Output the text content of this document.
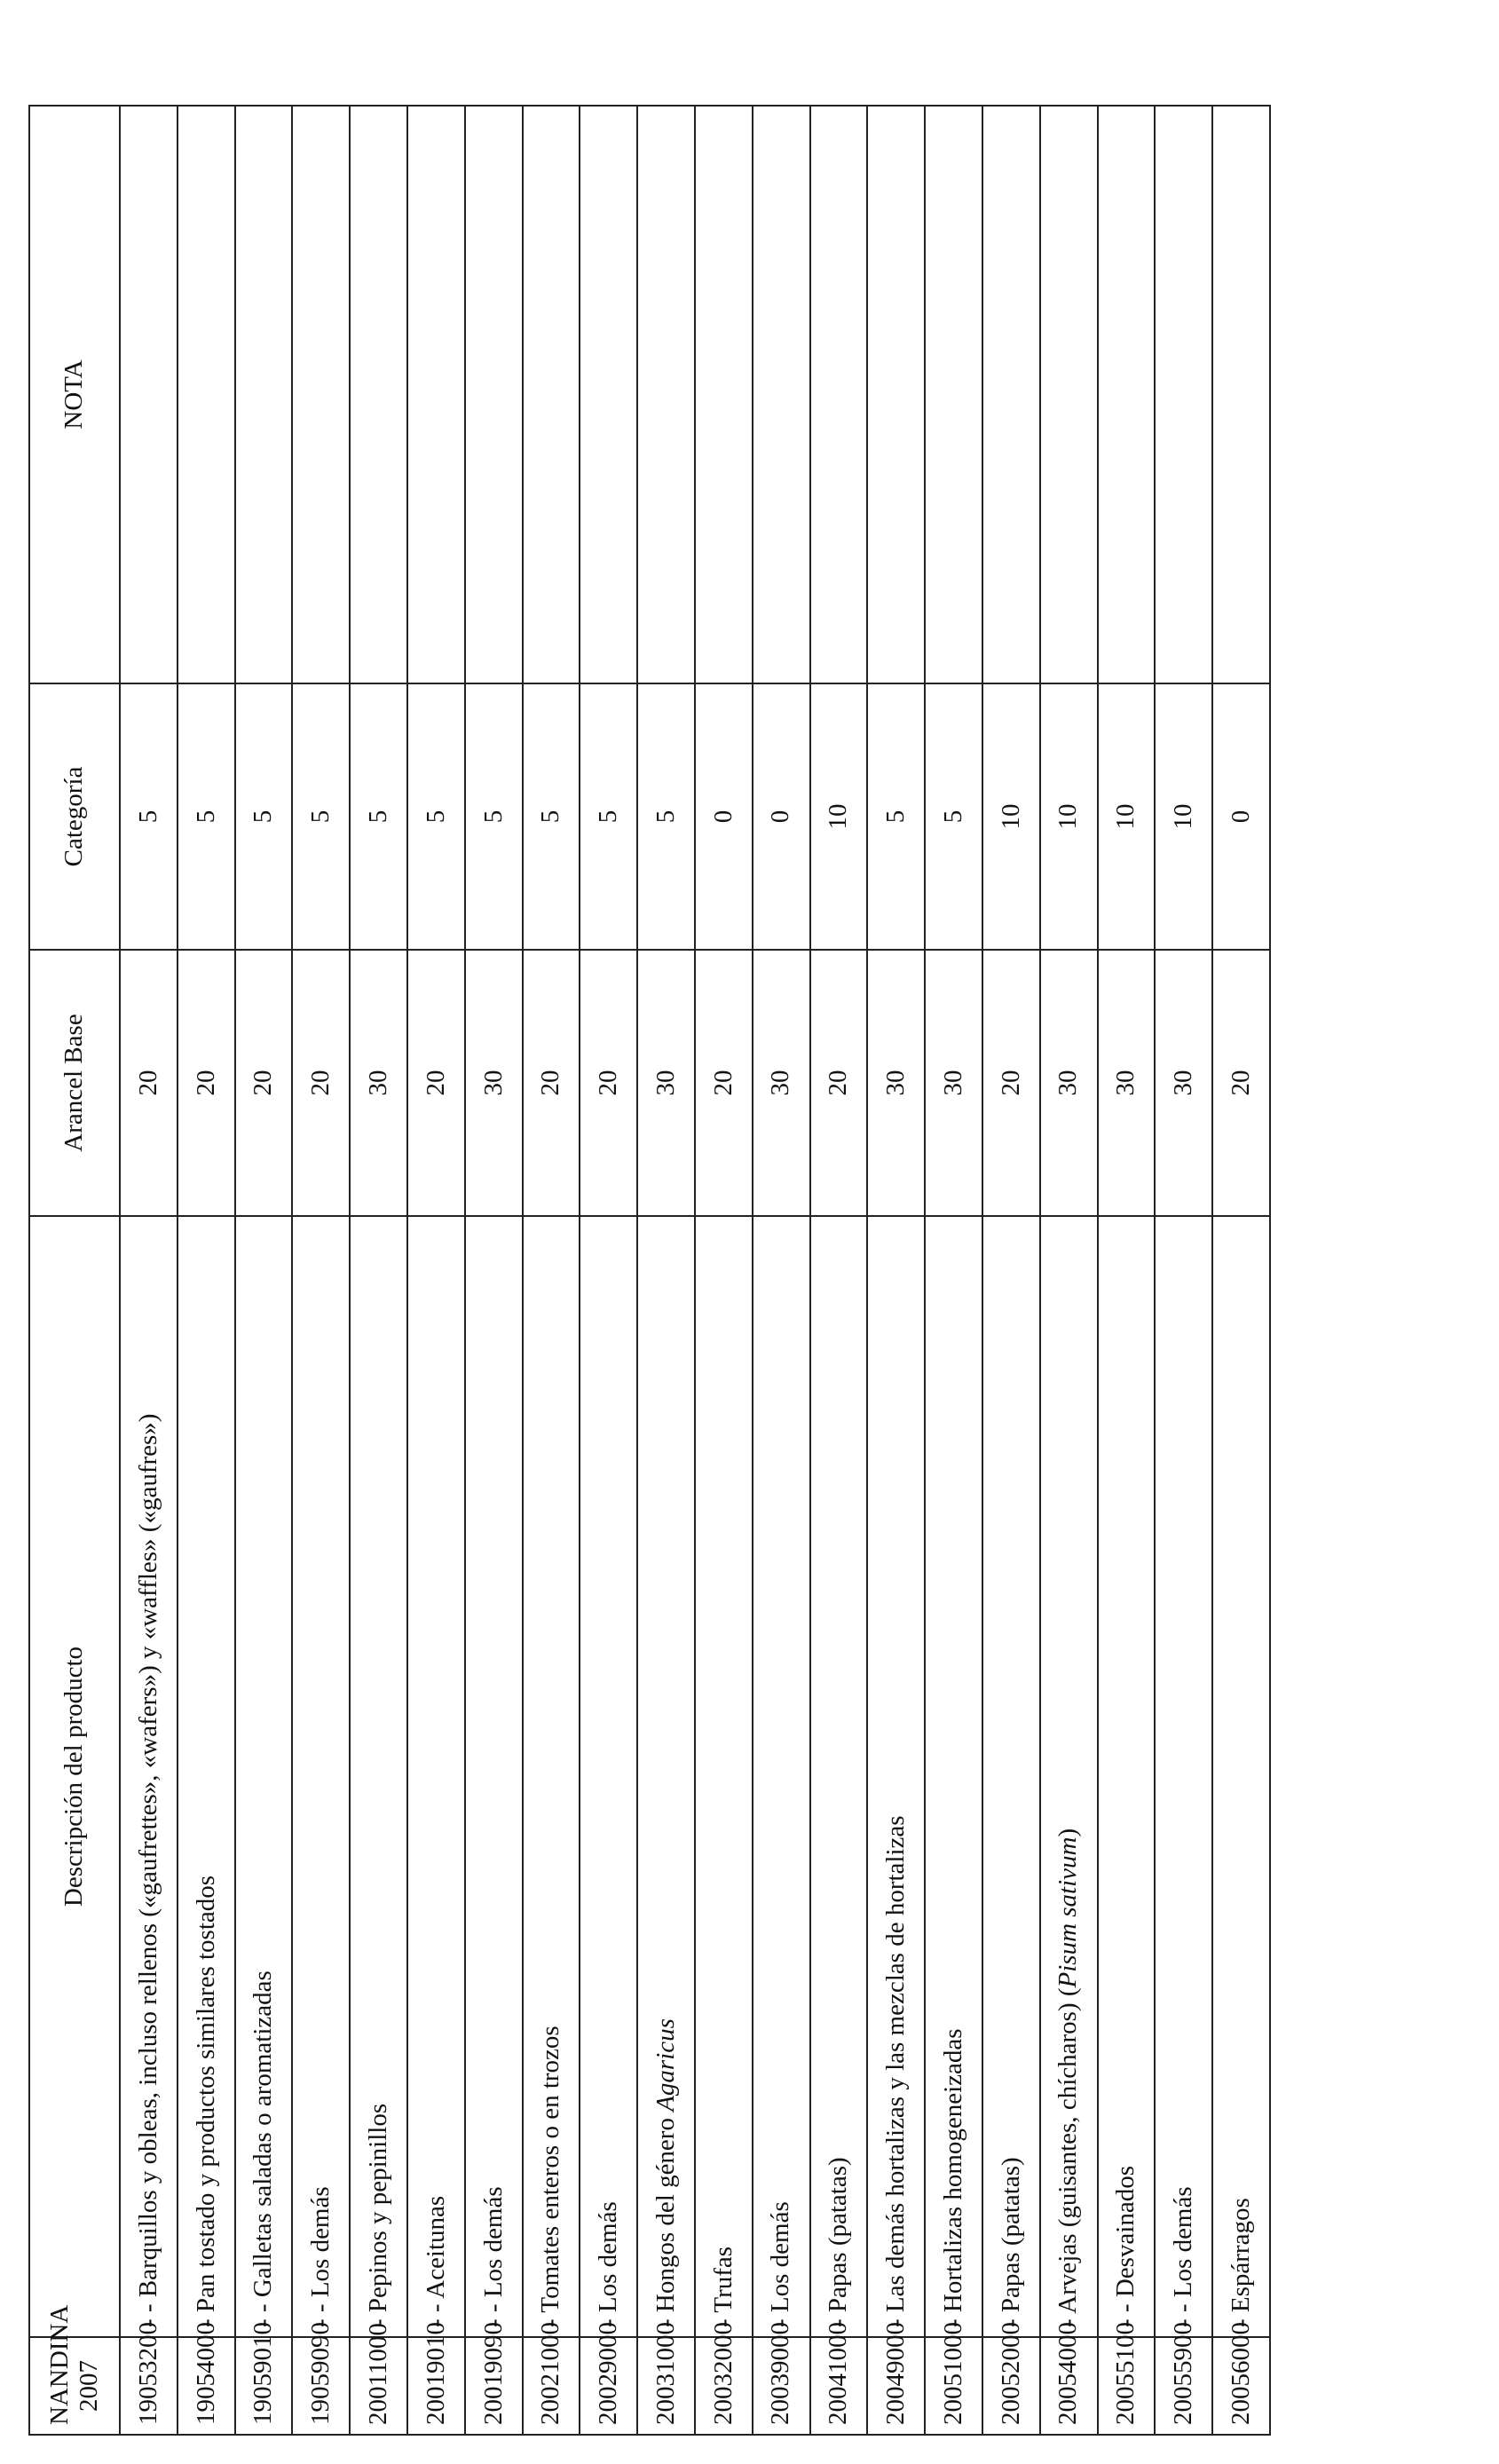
NANDINA 2007	Descripción del producto	Arancel Base	Categoría	NOTA
19053200	- - Barquillos y obleas, incluso rellenos («gaufrettes», «wafers») y «waffles» («gaufres»)	20	5	
19054000	- Pan tostado y productos similares tostados	20	5	
19059010	- - Galletas saladas o aromatizadas	20	5	
19059090	- - Los demás	20	5	
20011000	- Pepinos y pepinillos	30	5	
20019010	- - Aceitunas	20	5	
20019090	- - Los demás	30	5	
20021000	- Tomates enteros o en trozos	20	5	
20029000	- Los demás	20	5	
20031000	- Hongos del género Agaricus	30	5	
20032000	- Trufas	20	0	
20039000	- Los demás	30	0	
20041000	- Papas (patatas)	20	10	
20049000	- Las demás hortalizas y las mezclas de hortalizas	30	5	
20051000	- Hortalizas homogeneizadas	30	5	
20052000	- Papas (patatas)	20	10	
20054000	- Arvejas (guisantes, chícharos) (Pisum sativum)	30	10	
20055100	- - Desvainados	30	10	
20055900	- - Los demás	30	10	
20056000	- Espárragos	20	0	
